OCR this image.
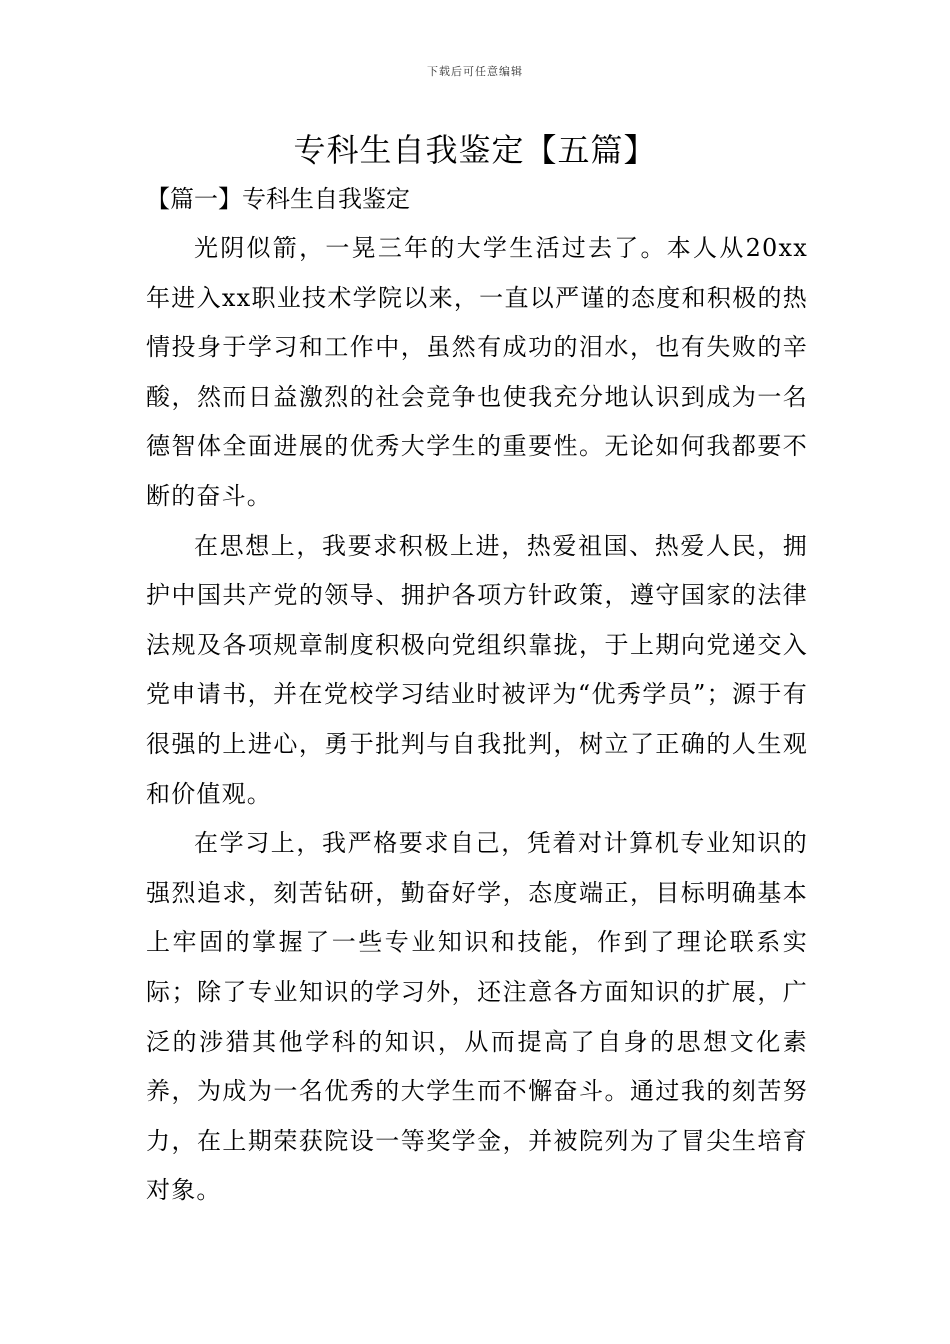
下载后可任意编辑
专科生自我鉴定【五篇】
【篇一】专科生自我鉴定

光阴似箭，一晃三年的大学生活过去了。本人从20xx年进入xx职业技术学院以来，一直以严谨的态度和积极的热情投身于学习和工作中，虽然有成功的泪水，也有失败的辛酸，然而日益激烈的社会竞争也使我充分地认识到成为一名德智体全面进展的优秀大学生的重要性。无论如何我都要不断的奋斗。

在思想上，我要求积极上进，热爱祖国、热爱人民，拥护中国共产党的领导、拥护各项方针政策，遵守国家的法律法规及各项规章制度积极向党组织靠拢，于上期向党递交入党申请书，并在党校学习结业时被评为“优秀学员”；源于有很强的上进心，勇于批判与自我批判，树立了正确的人生观和价值观。

在学习上，我严格要求自己，凭着对计算机专业知识的强烈追求，刻苦钻研，勤奋好学，态度端正，目标明确基本上牢固的掌握了一些专业知识和技能，作到了理论联系实际；除了专业知识的学习外，还注意各方面知识的扩展，广泛的涉猎其他学科的知识，从而提高了自身的思想文化素养，为成为一名优秀的大学生而不懈奋斗。通过我的刻苦努力，在上期荣获院设一等奖学金，并被院列为了冒尖生培育对象。
